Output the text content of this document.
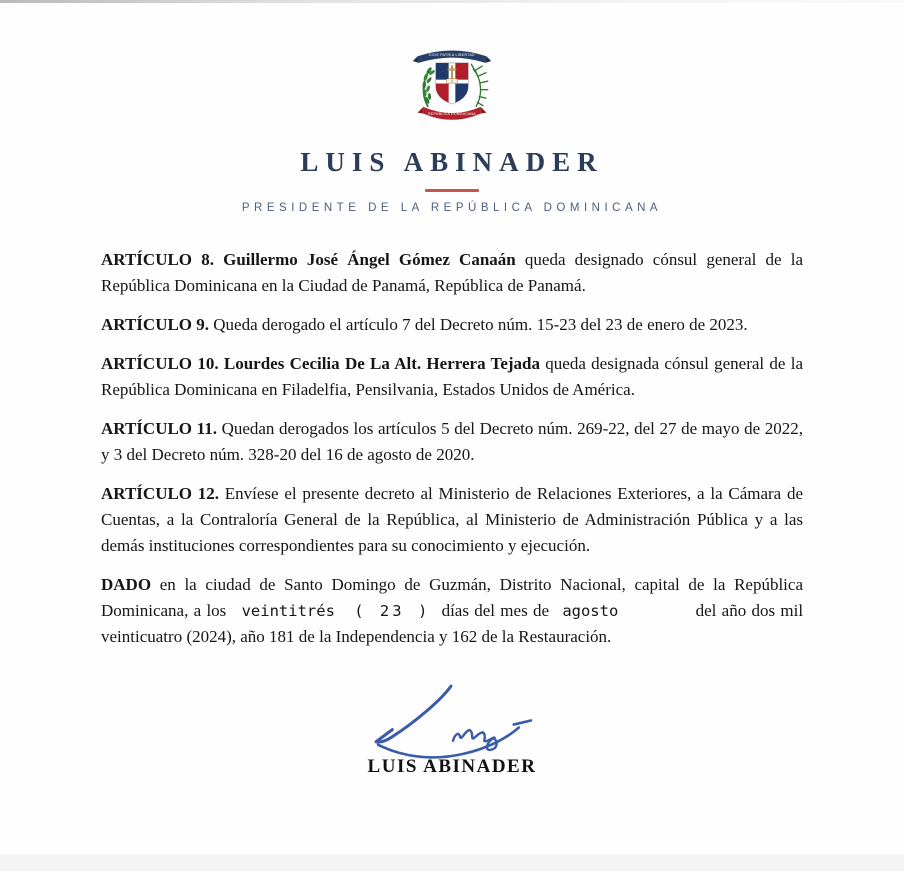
DIOS PATRIA LIBERTAD
REPÚBLICA DOMINICANA
LUIS ABINADER
PRESIDENTE DE LA REPÚBLICA DOMINICANA

ARTÍCULO 8. Guillermo José Ángel Gómez Canaán queda designado cónsul general de la República Dominicana en la Ciudad de Panamá, República de Panamá.

ARTÍCULO 9. Queda derogado el artículo 7 del Decreto núm. 15-23 del 23 de enero de 2023.

ARTÍCULO 10. Lourdes Cecilia De La Alt. Herrera Tejada queda designada cónsul general de la República Dominicana en Filadelfia, Pensilvania, Estados Unidos de América.

ARTÍCULO 11. Quedan derogados los artículos 5 del Decreto núm. 269-22, del 27 de mayo de 2022, y 3 del Decreto núm. 328-20 del 16 de agosto de 2020.

ARTÍCULO 12. Envíese el presente decreto al Ministerio de Relaciones Exteriores, a la Cámara de Cuentas, a la Contraloría General de la República, al Ministerio de Administración Pública y a las demás instituciones correspondientes para su conocimiento y ejecución.

DADO en la ciudad de Santo Domingo de Guzmán, Distrito Nacional, capital de la República Dominicana, a los veintitrés ( 23 ) días del mes de agosto	del año dos mil veinticuatro (2024), año 181 de la Independencia y 162 de la Restauración.

LUIS ABINADER
